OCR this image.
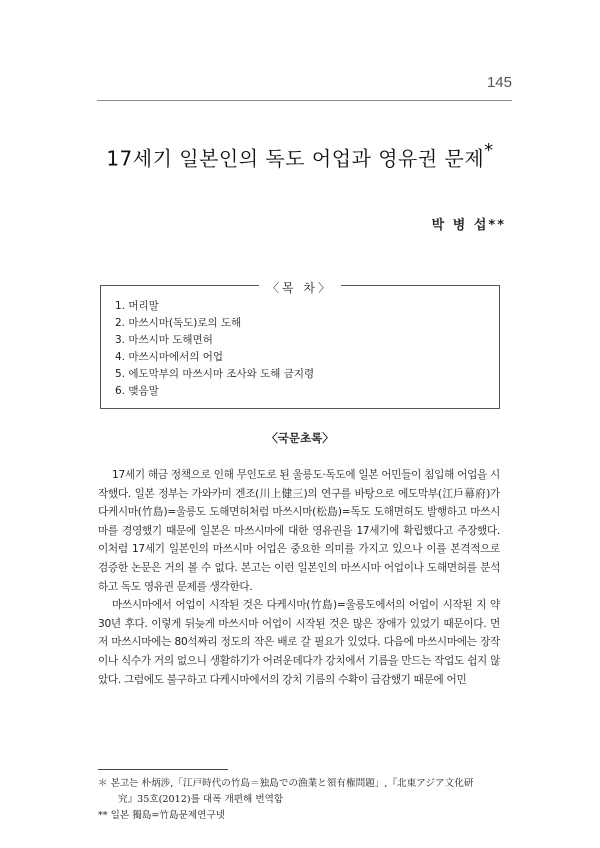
145
17세기 일본인의 독도 어업과 영유권 문제*
박 병 섭**
〈목 차〉
1. 머리말
2. 마쓰시마(독도)로의 도해
3. 마쓰시마 도해면허
4. 마쓰시마에서의 어업
5. 에도막부의 마쓰시마 조사와 도해 금지령
6. 맺음말
〈국문초록〉

17세기 해금 정책으로 인해 무인도로 된 울릉도·독도에 일본 어민들이 침입해 어업을 시작했다. 일본 정부는 가와카미 겐조(川上健三)의 연구를 바탕으로 에도막부(江戶幕府)가 다케시마(竹島)=울릉도 도해면허처럼 마쓰시마(松島)=독도 도해면허도 발행하고 마쓰시마를 경영했기 때문에 일본은 마쓰시마에 대한 영유권을 17세기에 확립했다고 주장했다. 이처럼 17세기 일본인의 마쓰시마 어업은 중요한 의미를 가지고 있으나 이를 본격적으로 검증한 논문은 거의 볼 수 없다. 본고는 이런 일본인의 마쓰시마 어업이나 도해면허를 분석하고 독도 영유권 문제를 생각한다.

마쓰시마에서 어업이 시작된 것은 다케시마(竹島)=울릉도에서의 어업이 시작된 지 약 30년 후다. 이렇게 뒤늦게 마쓰시마 어업이 시작된 것은 많은 장애가 있었기 때문이다. 먼저 마쓰시마에는 80석짜리 정도의 작은 배로 갈 필요가 있었다. 다음에 마쓰시마에는 장작이나 식수가 거의 없으니 생활하기가 어려운데다가 강치에서 기름을 만드는 작업도 쉽지 않았다. 그럼에도 불구하고 다케시마에서의 강치 기름의 수확이 급감했기 때문에 어민

＊ 본고는 朴炳涉,「江戸時代の竹島＝独島での漁業と領有権問題」,『北東アジア文化研
究』35호(2012)를 대폭 개편해 번역함
** 일본 獨島=竹島문제연구넷
